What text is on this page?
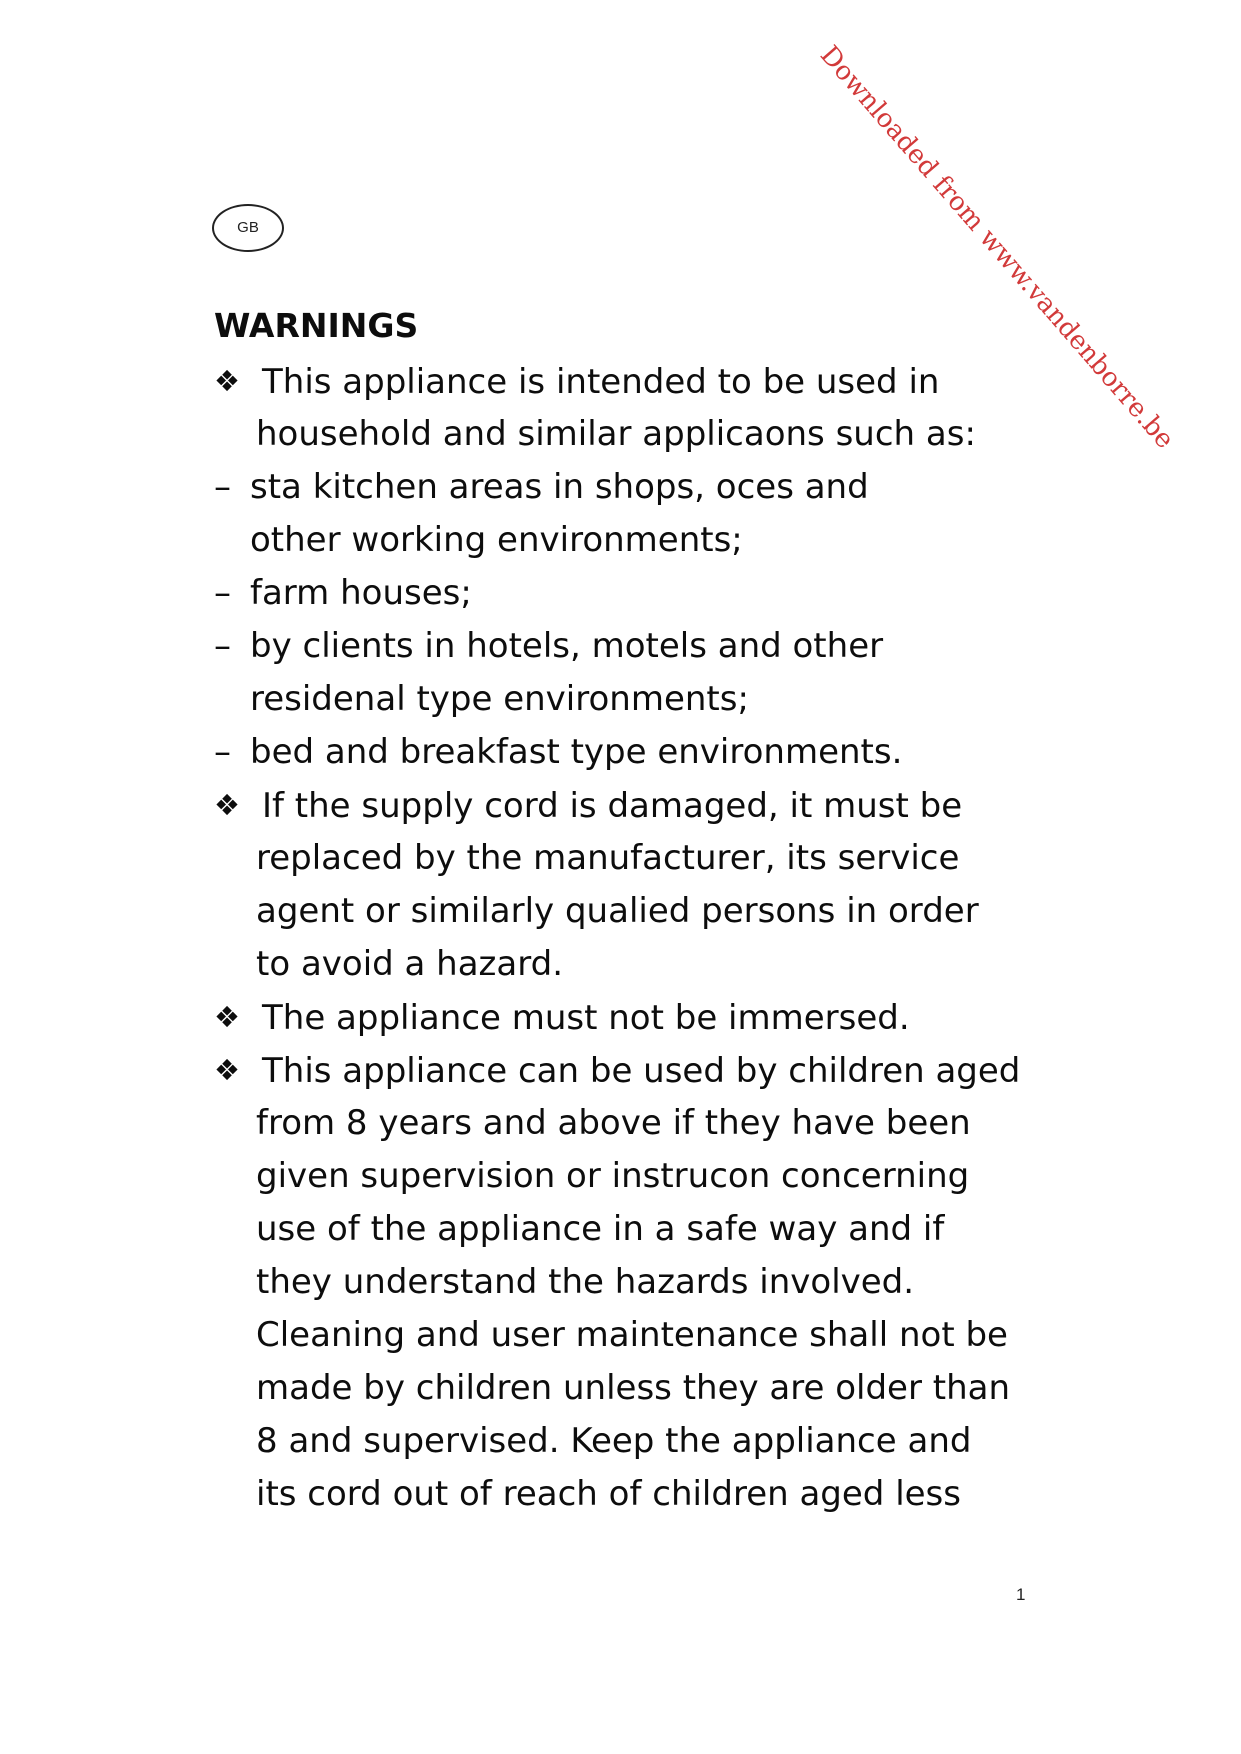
GB	Downloaded from www.vandenborre.be
WARNINGS
❖ This appliance is intended to be used in
household and similar applicaons such as:
– sta kitchen areas in shops, oces and
other working environments;
– farm houses;
– by clients in hotels, motels and other
residenal type environments;
– bed and breakfast type environments.
❖ If the supply cord is damaged, it must be
replaced by the manufacturer, its service
agent or similarly qualied persons in order
to avoid a hazard.
❖ The appliance must not be immersed.
❖ This appliance can be used by children aged
from 8 years and above if they have been
given supervision or instrucon concerning
use of the appliance in a safe way and if
they understand the hazards involved.
Cleaning and user maintenance shall not be
made by children unless they are older than
8 and supervised. Keep the appliance and
its cord out of reach of children aged less
1
